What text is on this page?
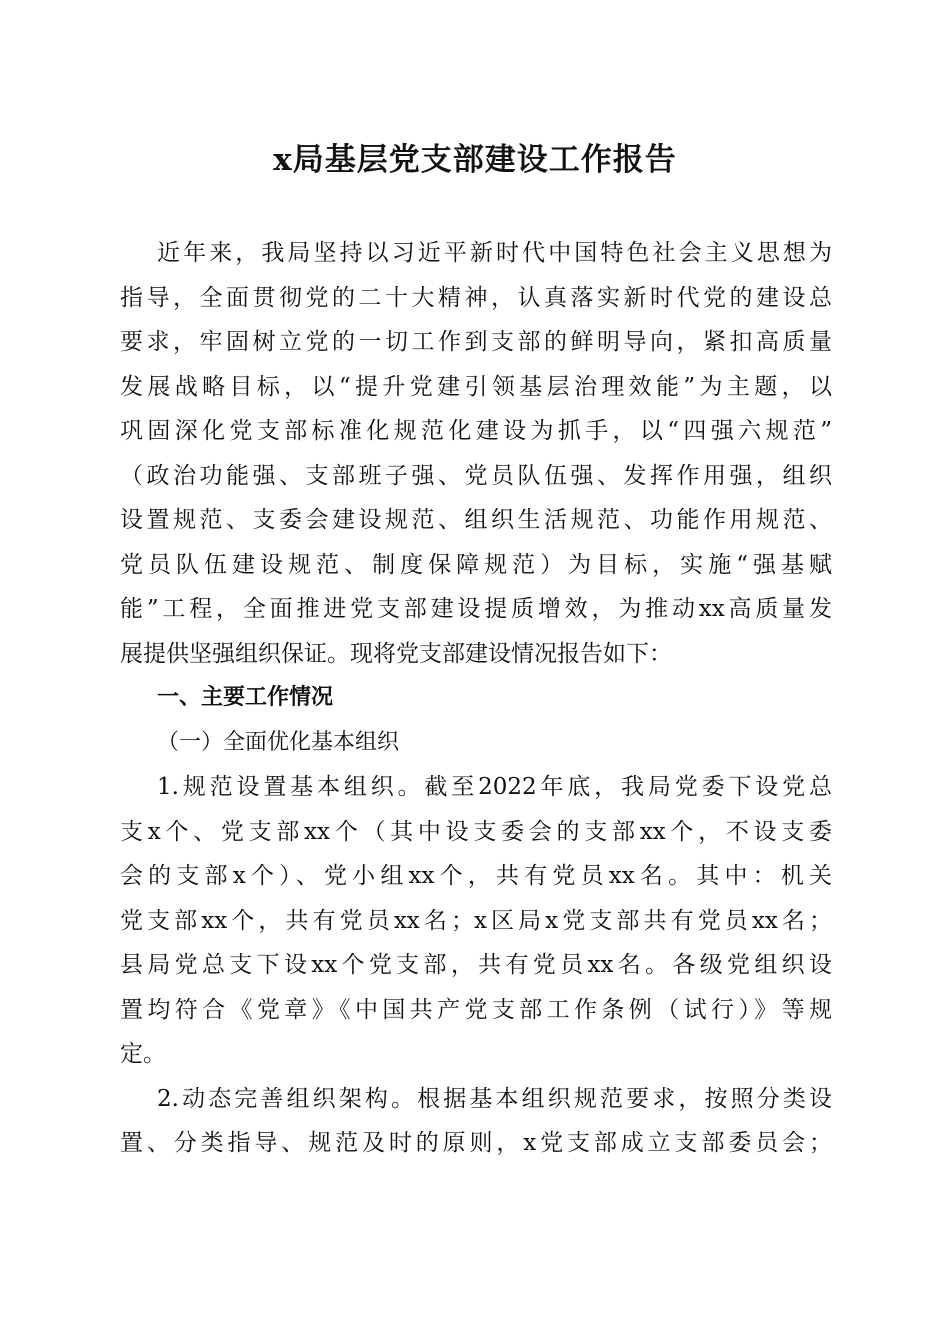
x局基层党支部建设工作报告
近年来，我局坚持以习近平新时代中国特色社会主义思想为
指导，全面贯彻党的二十大精神，认真落实新时代党的建设总
要求，牢固树立党的一切工作到支部的鲜明导向，紧扣高质量
发展战略目标，以“提升党建引领基层治理效能”为主题，以
巩固深化党支部标准化规范化建设为抓手，以“四强六规范”
（政治功能强、支部班子强、党员队伍强、发挥作用强，组织
设置规范、支委会建设规范、组织生活规范、功能作用规范、
党员队伍建设规范、制度保障规范）为目标，实施“强基赋
能”工程，全面推进党支部建设提质增效，为推动xx高质量发
展提供坚强组织保证。现将党支部建设情况报告如下：
一、主要工作情况
（一）全面优化基本组织
1.规范设置基本组织。截至2022年底，我局党委下设党总
支x个、党支部xx个（其中设支委会的支部xx个，不设支委
会的支部x个）、党小组xx个，共有党员xx名。其中：机关
党支部xx个，共有党员xx名；x区局x党支部共有党员xx名；
县局党总支下设xx个党支部，共有党员xx名。各级党组织设
置均符合《党章》《中国共产党支部工作条例（试行）》等规
定。
2.动态完善组织架构。根据基本组织规范要求，按照分类设
置、分类指导、规范及时的原则，x党支部成立支部委员会；
